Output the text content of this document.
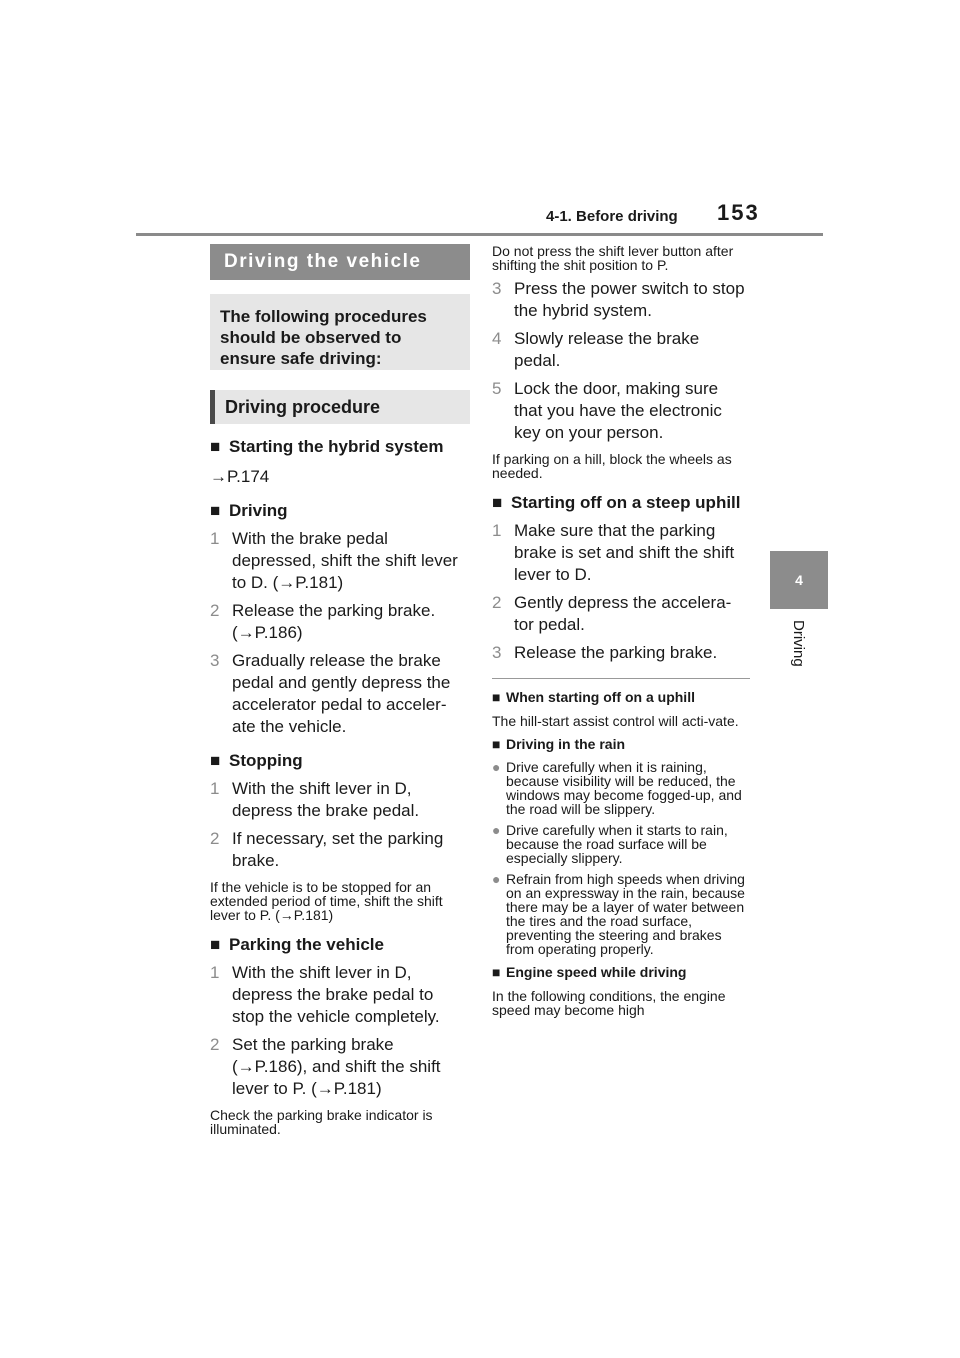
4-1. Before driving 153
4
Driving
Driving the vehicle
The following procedures should be observed to ensure safe driving:
Driving procedure
■ Starting the hybrid system
→P.174
■ Driving
1 With the brake pedal depressed, shift the shift lever to D. (→P.181)
2 Release the parking brake. (→P.186)
3 Gradually release the brake pedal and gently depress the accelerator pedal to acceler-ate the vehicle.
■ Stopping
1 With the shift lever in D, depress the brake pedal.
2 If necessary, set the parking brake.
If the vehicle is to be stopped for an extended period of time, shift the shift lever to P. (→P.181)
■ Parking the vehicle
1 With the shift lever in D, depress the brake pedal to stop the vehicle completely.
2 Set the parking brake (→P.186), and shift the shift lever to P. (→P.181)
Check the parking brake indicator is illuminated.
Do not press the shift lever button after shifting the shit position to P.
3 Press the power switch to stop the hybrid system.
4 Slowly release the brake pedal.
5 Lock the door, making sure that you have the electronic key on your person.
If parking on a hill, block the wheels as needed.
■ Starting off on a steep uphill
1 Make sure that the parking brake is set and shift the shift lever to D.
2 Gently depress the accelera-tor pedal.
3 Release the parking brake.
■ When starting off on a uphill
The hill-start assist control will acti-vate.
■ Driving in the rain
● Drive carefully when it is raining, because visibility will be reduced, the windows may become fogged-up, and the road will be slippery.
● Drive carefully when it starts to rain, because the road surface will be especially slippery.
● Refrain from high speeds when driving on an expressway in the rain, because there may be a layer of water between the tires and the road surface, preventing the steering and brakes from operating properly.
■ Engine speed while driving
In the following conditions, the engine speed may become high
